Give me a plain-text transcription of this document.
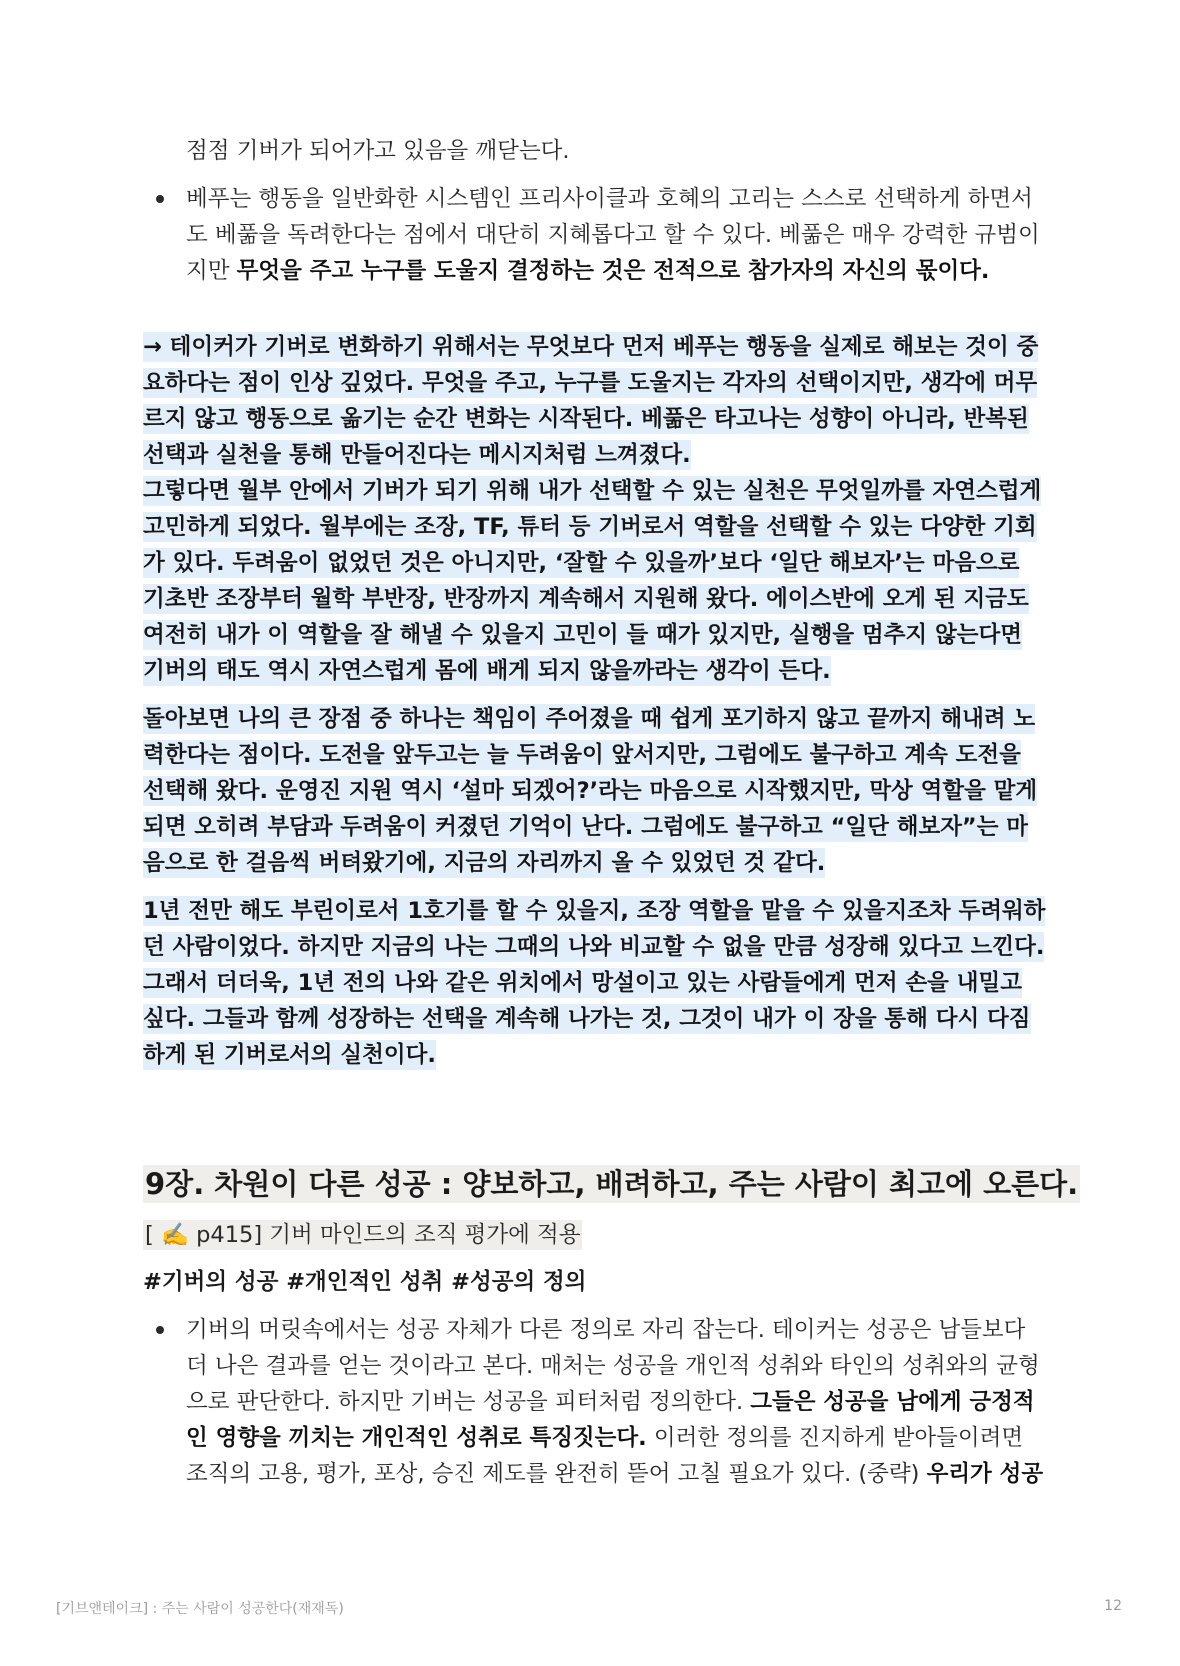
점점 기버가 되어가고 있음을 깨닫는다.
베푸는 행동을 일반화한 시스템인 프리사이클과 호혜의 고리는 스스로 선택하게 하면서도 베풂을 독려한다는 점에서 대단히 지혜롭다고 할 수 있다. 베풂은 매우 강력한 규범이지만 무엇을 주고 누구를 도울지 결정하는 것은 전적으로 참가자의 자신의 몫이다.

→ 테이커가 기버로 변화하기 위해서는 무엇보다 먼저 베푸는 행동을 실제로 해보는 것이 중요하다는 점이 인상 깊었다. 무엇을 주고, 누구를 도울지는 각자의 선택이지만, 생각에 머무르지 않고 행동으로 옮기는 순간 변화는 시작된다. 베풂은 타고나는 성향이 아니라, 반복된 선택과 실천을 통해 만들어진다는 메시지처럼 느껴졌다.

그렇다면 월부 안에서 기버가 되기 위해 내가 선택할 수 있는 실천은 무엇일까를 자연스럽게 고민하게 되었다. 월부에는 조장, TF, 튜터 등 기버로서 역할을 선택할 수 있는 다양한 기회가 있다. 두려움이 없었던 것은 아니지만, ‘잘할 수 있을까’보다 ‘일단 해보자’는 마음으로 기초반 조장부터 월학 부반장, 반장까지 계속해서 지원해 왔다. 에이스반에 오게 된 지금도 여전히 내가 이 역할을 잘 해낼 수 있을지 고민이 들 때가 있지만, 실행을 멈추지 않는다면 기버의 태도 역시 자연스럽게 몸에 배게 되지 않을까라는 생각이 든다.

돌아보면 나의 큰 장점 중 하나는 책임이 주어졌을 때 쉽게 포기하지 않고 끝까지 해내려 노력한다는 점이다. 도전을 앞두고는 늘 두려움이 앞서지만, 그럼에도 불구하고 계속 도전을 선택해 왔다. 운영진 지원 역시 ‘설마 되겠어?’라는 마음으로 시작했지만, 막상 역할을 맡게 되면 오히려 부담과 두려움이 커졌던 기억이 난다. 그럼에도 불구하고 “일단 해보자”는 마음으로 한 걸음씩 버텨왔기에, 지금의 자리까지 올 수 있었던 것 같다.

1년 전만 해도 부린이로서 1호기를 할 수 있을지, 조장 역할을 맡을 수 있을지조차 두려워하던 사람이었다. 하지만 지금의 나는 그때의 나와 비교할 수 없을 만큼 성장해 있다고 느낀다. 그래서 더더욱, 1년 전의 나와 같은 위치에서 망설이고 있는 사람들에게 먼저 손을 내밀고 싶다. 그들과 함께 성장하는 선택을 계속해 나가는 것, 그것이 내가 이 장을 통해 다시 다짐하게 된 기버로서의 실천이다.

9장. 차원이 다른 성공 : 양보하고, 배려하고, 주는 사람이 최고에 오른다.
[ ✍️ p415] 기버 마인드의 조직 평가에 적용
#기버의 성공 #개인적인 성취 #성공의 정의
기버의 머릿속에서는 성공 자체가 다른 정의로 자리 잡는다. 테이커는 성공은 남들보다 더 나은 결과를 얻는 것이라고 본다. 매처는 성공을 개인적 성취와 타인의 성취와의 균형으로 판단한다. 하지만 기버는 성공을 피터처럼 정의한다. 그들은 성공을 남에게 긍정적인 영향을 끼치는 개인적인 성취로 특징짓는다. 이러한 정의를 진지하게 받아들이려면 조직의 고용, 평가, 포상, 승진 제도를 완전히 뜯어 고칠 필요가 있다. (중략) 우리가 성공
[기브앤테이크] : 주는 사람이 성공한다(재재독)	12
